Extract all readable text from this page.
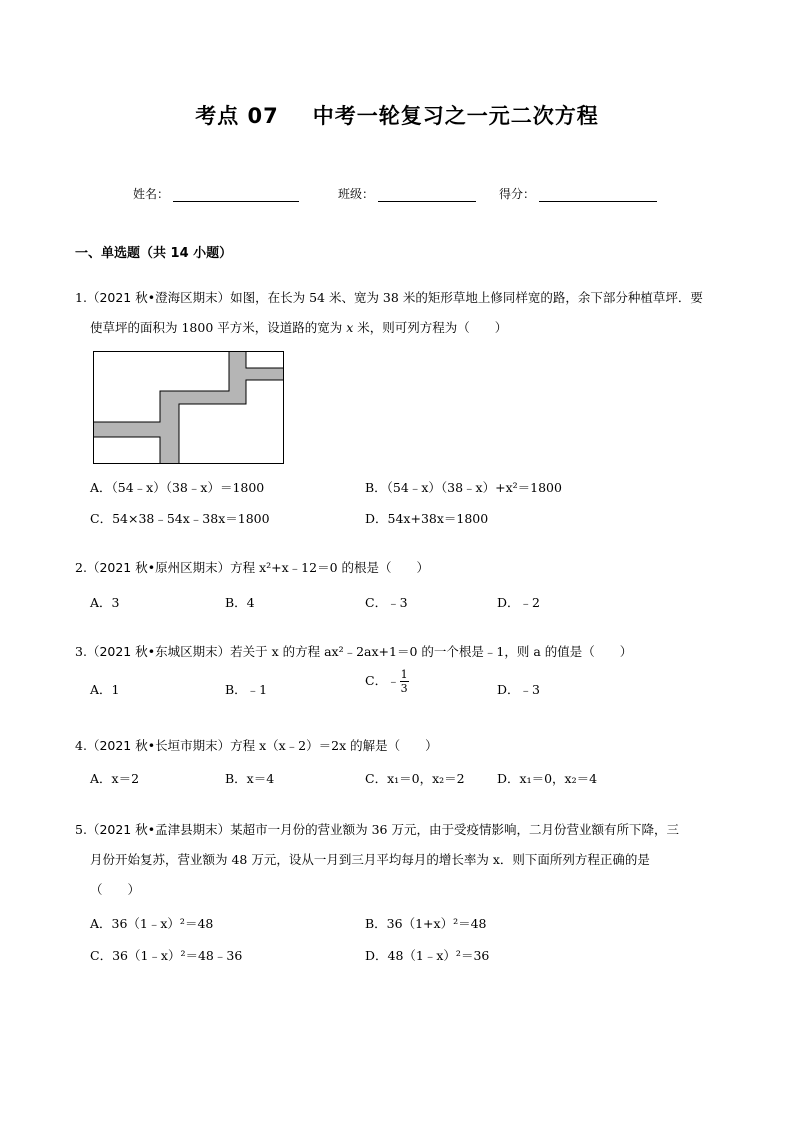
考点 07 中考一轮复习之一元二次方程
姓名：	班级：	得分：
一、单选题（共 14 小题）
1.（2021 秋•澄海区期末）如图，在长为 54 米、宽为 38 米的矩形草地上修同样宽的路，余下部分种植草坪．要
使草坪的面积为 1800 平方米，设道路的宽为 x 米，则可列方程为（　　）
A．（54﹣x）（38﹣x）＝1800	B．（54﹣x）（38﹣x）+x²＝1800
C．54×38﹣54x﹣38x＝1800	D．54x+38x＝1800
2.（2021 秋•原州区期末）方程 x²+x﹣12＝0 的根是（　　）
A．3	B．4	C．﹣3	D．﹣2
3.（2021 秋•东城区期末）若关于 x 的方程 ax²﹣2ax+1＝0 的一个根是﹣1，则 a 的值是（　　）
A．1	B．﹣1
C．﹣ $\frac{1}{3}$	D．﹣3
4.（2021 秋•长垣市期末）方程 x（x﹣2）＝2x 的解是（　　）
A．x＝2	B．x＝4	C．x₁＝0，x₂＝2	D．x₁＝0，x₂＝4
5.（2021 秋•孟津县期末）某超市一月份的营业额为 36 万元，由于受疫情影响，二月份营业额有所下降，三
月份开始复苏，营业额为 48 万元，设从一月到三月平均每月的增长率为 x．则下面所列方程正确的是
（　　）
A．36（1﹣x）²＝48	B．36（1+x）²＝48
C．36（1﹣x）²＝48﹣36	D．48（1﹣x）²＝36
